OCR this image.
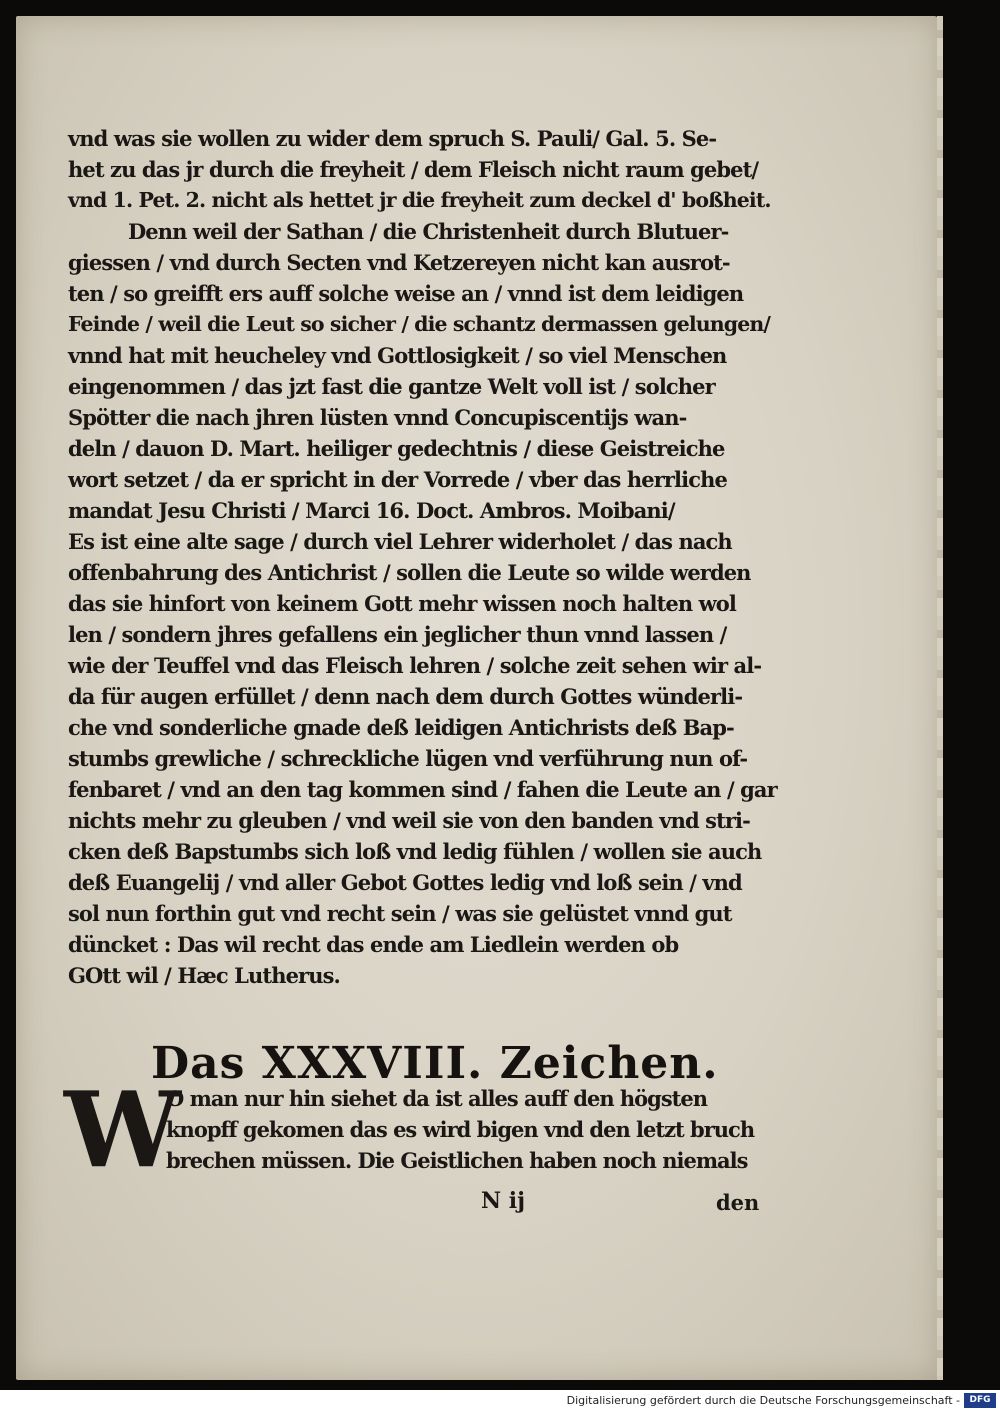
vnd was sie wollen zu wider dem spruch S. Pauli/ Gal. 5. Se-
het zu das jr durch die freyheit / dem Fleisch nicht raum gebet/
vnd 1. Pet. 2. nicht als hettet jr die freyheit zum deckel d' boßheit.
Denn weil der Sathan / die Christenheit durch Blutuer-
giessen / vnd durch Secten vnd Ketzereyen nicht kan ausrot-
ten / so greifft ers auff solche weise an / vnnd ist dem leidigen
Feinde / weil die Leut so sicher / die schantz dermassen gelungen/
vnnd hat mit heucheley vnd Gottlosigkeit / so viel Menschen
eingenommen / das jzt fast die gantze Welt voll ist / solcher
Spötter die nach jhren lüsten vnnd Concupiscentijs wan-
deln / dauon D. Mart. heiliger gedechtnis / diese Geistreiche
wort setzet / da er spricht in der Vorrede / vber das herrliche
mandat Jesu Christi / Marci 16. Doct. Ambros. Moibani/
Es ist eine alte sage / durch viel Lehrer widerholet / das nach
offenbahrung des Antichrist / sollen die Leute so wilde werden
das sie hinfort von keinem Gott mehr wissen noch halten wol
len / sondern jhres gefallens ein jeglicher thun vnnd lassen /
wie der Teuffel vnd das Fleisch lehren / solche zeit sehen wir al-
da für augen erfüllet / denn nach dem durch Gottes wünderli-
che vnd sonderliche gnade deß leidigen Antichrists deß Bap-
stumbs grewliche / schreckliche lügen vnd verführung nun of-
fenbaret / vnd an den tag kommen sind / fahen die Leute an / gar
nichts mehr zu gleuben / vnd weil sie von den banden vnd stri-
cken deß Bapstumbs sich loß vnd ledig fühlen / wollen sie auch
deß Euangelij / vnd aller Gebot Gottes ledig vnd loß sein / vnd
sol nun forthin gut vnd recht sein / was sie gelüstet vnnd gut
düncket : Das wil recht das ende am Liedlein werden ob
GOtt wil / Hæc Lutherus.
Das XXXVIII. Zeichen.
W
O man nur hin siehet da ist alles auff den högsten
knopff gekomen das es wird bigen vnd den letzt bruch
brechen müssen. Die Geistlichen haben noch niemals
N ij	den
Digitalisierung gefördert durch die Deutsche Forschungsgemeinschaft -	DFG
